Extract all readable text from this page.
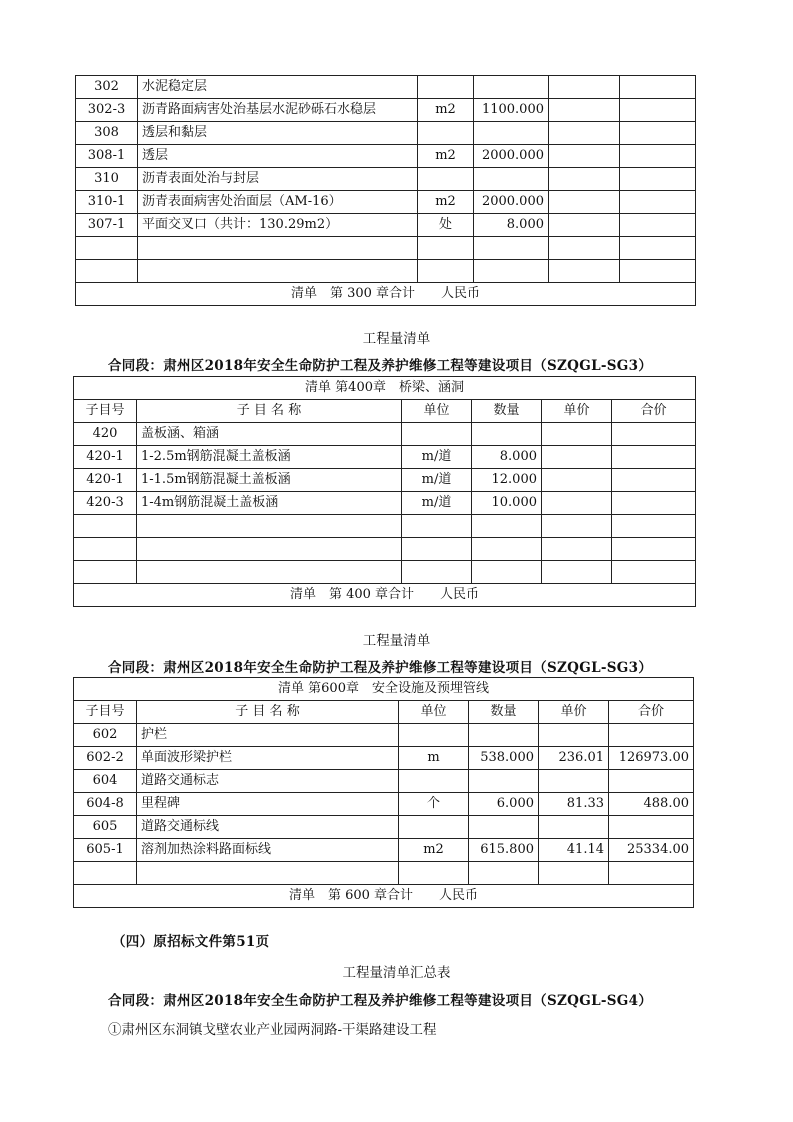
302	水泥稳定层				
302-3	沥青路面病害处治基层水泥砂砾石水稳层	m2	1100.000		
308	透层和黏层				
308-1	透层	m2	2000.000		
310	沥青表面处治与封层				
310-1	沥青表面病害处治面层（AM-16）	m2	2000.000		
307-1	平面交叉口（共计：130.29m2）	处	8.000		

清单　第 300 章合计　　人民币					
工程量清单
合同段：肃州区2018年安全生命防护工程及养护维修工程等建设项目（SZQGL-SG3）
清单 第400章　桥梁、涵洞					
子目号	子 目 名 称	单位	数量	单价	合价
420	盖板涵、箱涵				
420-1	1-2.5m钢筋混凝土盖板涵	m/道	8.000		
420-1	1-1.5m钢筋混凝土盖板涵	m/道	12.000		
420-3	1-4m钢筋混凝土盖板涵	m/道	10.000		

清单　第 400 章合计　　人民币					
工程量清单
合同段：肃州区2018年安全生命防护工程及养护维修工程等建设项目（SZQGL-SG3）
清单 第600章　安全设施及预埋管线					
子目号	子 目 名 称	单位	数量	单价	合价
602	护栏				
602-2	单面波形梁护栏	m	538.000	236.01	126973.00
604	道路交通标志				
604-8	里程碑	个	6.000	81.33	488.00
605	道路交通标线				
605-1	溶剂加热涂料路面标线	m2	615.800	41.14	25334.00

清单　第 600 章合计　　人民币					
（四）原招标文件第51页
工程量清单汇总表
合同段：肃州区2018年安全生命防护工程及养护维修工程等建设项目（SZQGL-SG4）
①肃州区东洞镇戈壁农业产业园两洞路-干渠路建设工程
